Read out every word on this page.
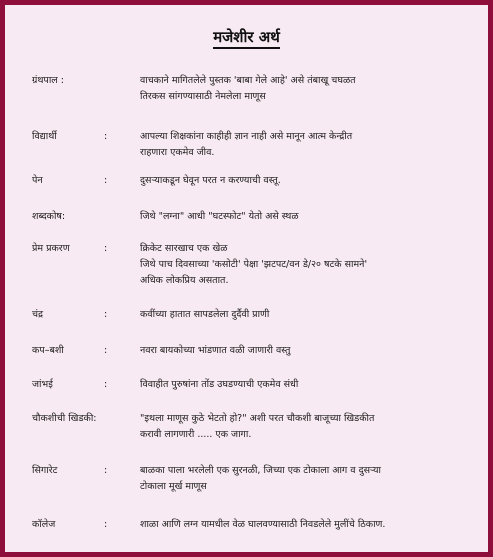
मजेशीर अर्थ
ग्रंथपाल :	वाचकाने मागितलेले पुस्तक 'बाबा गेले आहे' असे तंबाखू चघळत
तिरकस सांगण्यासाठी नेमलेला माणूस
विद्यार्थी	:	आपल्या शिक्षकांना काहीही ज्ञान नाही असे मानून आत्म केन्द्रीत
राहणारा एकमेव जीव.
पेन	:	दुसऱ्याकडून घेवून परत न करण्याची वस्तू.
शब्दकोष:	जिथे "लग्ना" आधी "घटस्फोट" येतो असे स्थळ
प्रेम प्रकरण	:	क्रिकेट सारखाच एक खेळ
जिथे पाच दिवसाच्या 'कसोटी' पेक्षा 'झटपट/वन डे/२० षटके सामने'
अधिक लोकप्रिय असतात.
चंद्र	:	कवींच्या हातात सापडलेला दुर्दैवी प्राणी
कप–बशी	:	नवरा बायकोच्या भांडणात वळी जाणारी वस्तु
जांभई	:	विवाहीत पुरुषांना तोंड उघडण्याची एकमेव संधी
चौकशीची खिडकी:	"इथला माणूस कुठे भेटतो हो?" अशी परत चौकशी बाजूच्या खिडकीत
करावी लागणारी ..... एक जागा.
सिगारेट	:	बाळका पाला भरलेली एक सुरनळी, जिच्या एक टोकाला आग व दुसऱ्या
टोकाला मूर्ख माणूस
कॉलेज	:	शाळा आणि लग्न यामधील वेळ घालवण्यासाठी निवडलेले मुलींचे ठिकाण.
